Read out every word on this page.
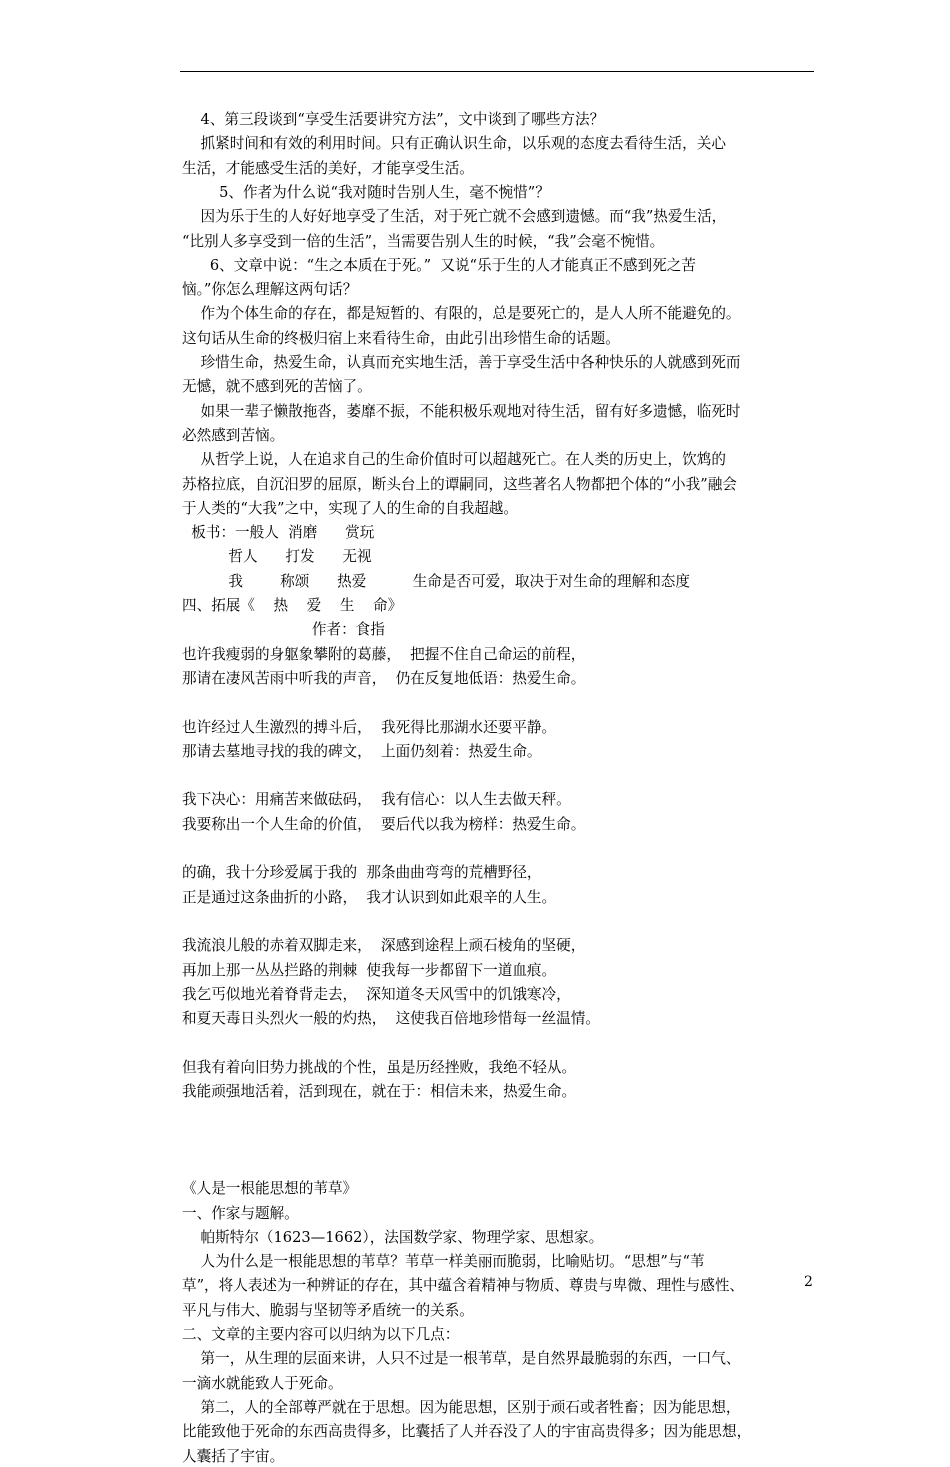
4、第三段谈到“享受生活要讲究方法”，文中谈到了哪些方法？
抓紧时间和有效的利用时间。只有正确认识生命，以乐观的态度去看待生活，关心
生活，才能感受生活的美好，才能享受生活。
5、作者为什么说“我对随时告别人生，毫不惋惜”？
因为乐于生的人好好地享受了生活，对于死亡就不会感到遗憾。而“我”热爱生活，
“比别人多享受到一倍的生活”，当需要告别人生的时候，“我”会毫不惋惜。
6、文章中说：“生之本质在于死。”  又说“乐于生的人才能真正不感到死之苦
恼。”你怎么理解这两句话？
作为个体生命的存在，都是短暂的、有限的，总是要死亡的，是人人所不能避免的。
这句话从生命的终极归宿上来看待生命，由此引出珍惜生命的话题。
珍惜生命，热爱生命，认真而充实地生活，善于享受生活中各种快乐的人就感到死而
无憾，就不感到死的苦恼了。
如果一辈子懒散拖沓，萎靡不振，不能积极乐观地对待生活，留有好多遗憾，临死时
必然感到苦恼。
从哲学上说，人在追求自己的生命价值时可以超越死亡。在人类的历史上，饮鸩的
苏格拉底，自沉汨罗的屈原，断头台上的谭嗣同，这些著名人物都把个体的“小我”融会
于人类的“大我”之中，实现了人的生命的自我超越。
板书：一般人  消磨      赏玩
哲人      打发      无视
我        称颂      热爱          生命是否可爱，取决于对生命的理解和态度
四、拓展《    热    爱    生    命》
作者：食指
也许我瘦弱的身躯象攀附的葛藤，  把握不住自己命运的前程，
那请在凄风苦雨中听我的声音，  仍在反复地低语：热爱生命。
也许经过人生激烈的搏斗后，  我死得比那湖水还要平静。
那请去墓地寻找的我的碑文，  上面仍刻着：热爱生命。
我下决心：用痛苦来做砝码，  我有信心：以人生去做天秤。
我要称出一个人生命的价值，  要后代以我为榜样：热爱生命。
的确，我十分珍爱属于我的  那条曲曲弯弯的荒槽野径，
正是通过这条曲折的小路，  我才认识到如此艰辛的人生。
我流浪儿般的赤着双脚走来，  深感到途程上顽石棱角的坚硬，
再加上那一丛丛拦路的荆棘  使我每一步都留下一道血痕。
我乞丐似地光着脊背走去，  深知道冬天风雪中的饥饿寒冷，
和夏天毒日头烈火一般的灼热，  这使我百倍地珍惜每一丝温情。
但我有着向旧势力挑战的个性，虽是历经挫败，我绝不轻从。
我能顽强地活着，活到现在，就在于：相信未来，热爱生命。
《人是一根能思想的苇草》
一、作家与题解。
帕斯特尔（1623—1662），法国数学家、物理学家、思想家。
人为什么是一根能思想的苇草？苇草一样美丽而脆弱，比喻贴切。“思想”与“苇
草”，将人表述为一种辨证的存在，其中蕴含着精神与物质、尊贵与卑微、理性与感性、
平凡与伟大、脆弱与坚韧等矛盾统一的关系。
二、文章的主要内容可以归纳为以下几点：
第一，从生理的层面来讲，人只不过是一根苇草，是自然界最脆弱的东西，一口气、
一滴水就能致人于死命。
第二，人的全部尊严就在于思想。因为能思想，区别于顽石或者牲畜；因为能思想，
比能致他于死命的东西高贵得多，比囊括了人并吞没了人的宇宙高贵得多；因为能思想，
人囊括了宇宙。
2
